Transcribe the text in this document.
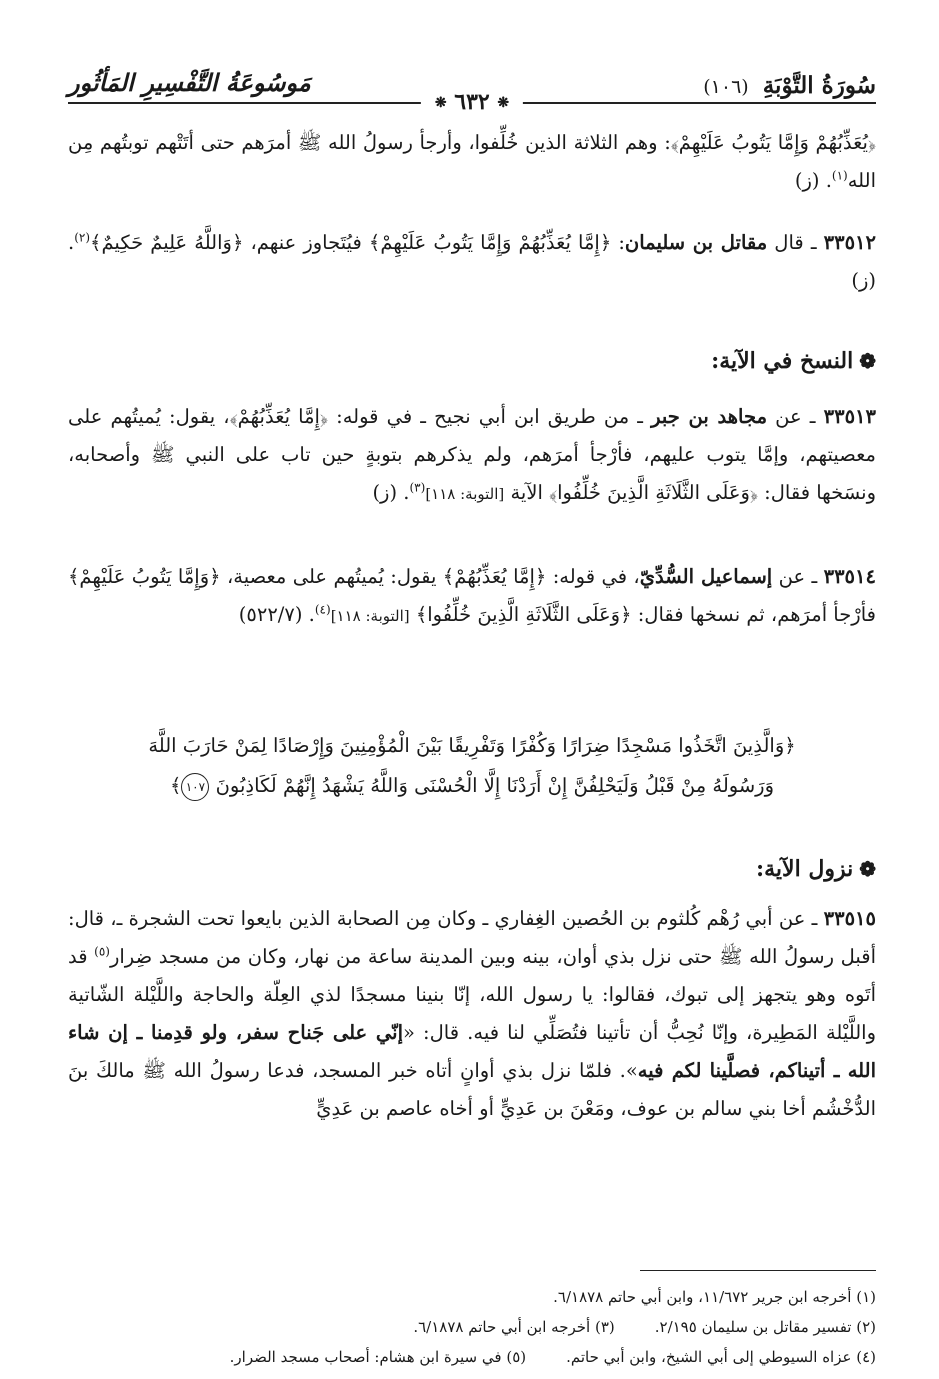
سُورَةُ التَّوْبَةِ (١٠٦)
مَوسُوعَةُ التَّفْسِيرِ المَأثُور
❋ ٦٣٢ ❋
﴿يُعَذِّبُهُمْ وَإِمَّا يَتُوبُ عَلَيْهِمْ﴾: وهم الثلاثة الذين خُلِّفوا، وأرجأ رسولُ الله ﷺ أمرَهم حتى أتَتْهم توبتُهم مِن الله$^{(١)}$. (ز)
٣٣٥١٢ ـ قال مقاتل بن سليمان: ﴿إِمَّا يُعَذِّبُهُمْ وَإِمَّا يَتُوبُ عَلَيْهِمْ﴾ فيُتَجاوز عنهم، ﴿وَاللَّهُ عَلِيمٌ حَكِيمٌ﴾$^{(٢)}$. (ز)
❁النسخ في الآية:
٣٣٥١٣ ـ عن مجاهد بن جبر ـ من طريق ابن أبي نجيح ـ في قوله: ﴿إِمَّا يُعَذِّبُهُمْ﴾، يقول: يُميتُهم على معصيتهم، وإمَّا يتوب عليهم، فأرْجأ أمرَهم، ولم يذكرهم بتوبةٍ حين تاب على النبي ﷺ وأصحابه، ونسَخها فقال: ﴿وَعَلَى الثَّلَاثَةِ الَّذِينَ خُلِّفُوا﴾ الآية [التوبة: ١١٨]$^{(٣)}$. (ز)
٣٣٥١٤ ـ عن إسماعيل السُّدِّيّ، في قوله: ﴿إِمَّا يُعَذِّبُهُمْ﴾ يقول: يُميتُهم على معصية، ﴿وَإِمَّا يَتُوبُ عَلَيْهِمْ﴾ فأرْجأ أمرَهم، ثم نسخها فقال: ﴿وَعَلَى الثَّلَاثَةِ الَّذِينَ خُلِّفُوا﴾ [التوبة: ١١٨]$^{(٤)}$. (٥٢٢/٧)
﴿وَالَّذِينَ اتَّخَذُوا مَسْجِدًا ضِرَارًا وَكُفْرًا وَتَفْرِيقًا بَيْنَ الْمُؤْمِنِينَ وَإِرْصَادًا لِمَنْ حَارَبَ اللَّهَ
وَرَسُولَهُ مِنْ قَبْلُ وَلَيَحْلِفُنَّ إِنْ أَرَدْنَا إِلَّا الْحُسْنَى وَاللَّهُ يَشْهَدُ إِنَّهُمْ لَكَاذِبُونَ ١٠٧﴾
❁نزول الآية:
٣٣٥١٥ ـ عن أبي رُهْم كُلثوم بن الحُصين الغِفاري ـ وكان مِن الصحابة الذين بايعوا تحت الشجرة ـ، قال: أقبل رسولُ الله ﷺ حتى نزل بذي أوان، بينه وبين المدينة ساعة من نهار، وكان من مسجد ضِرار$^{(٥)}$ قد أتَوه وهو يتجهز إلى تبوك، فقالوا: يا رسول الله، إنّا بنينا مسجدًا لذي العِلّة والحاجة واللَّيْلة الشّاتية واللَّيْلة المَطِيرة، وإنّا نُحِبُّ أن تأتينا فتُصَلِّي لنا فيه. قال: «إنّي على جَناح سفر، ولو قدِمنا ـ إن شاء الله ـ أتيناكم، فصلَّينا لكم فيه». فلمّا نزل بذي أوانٍ أتاه خبر المسجد، فدعا رسولُ الله ﷺ مالكَ بنَ الدُّخْشُم أخا بني سالم بن عوف، ومَعْنَ بن عَدِيٍّ أو أخاه عاصم بن عَدِيٍّ
(١) أخرجه ابن جرير ١١/٦٧٢، وابن أبي حاتم ٦/١٨٧٨.
(٢) تفسير مقاتل بن سليمان ٢/١٩٥.
(٣) أخرجه ابن أبي حاتم ٦/١٨٧٨.
(٤) عزاه السيوطي إلى أبي الشيخ، وابن أبي حاتم.
(٥) في سيرة ابن هشام: أصحاب مسجد الضرار.
